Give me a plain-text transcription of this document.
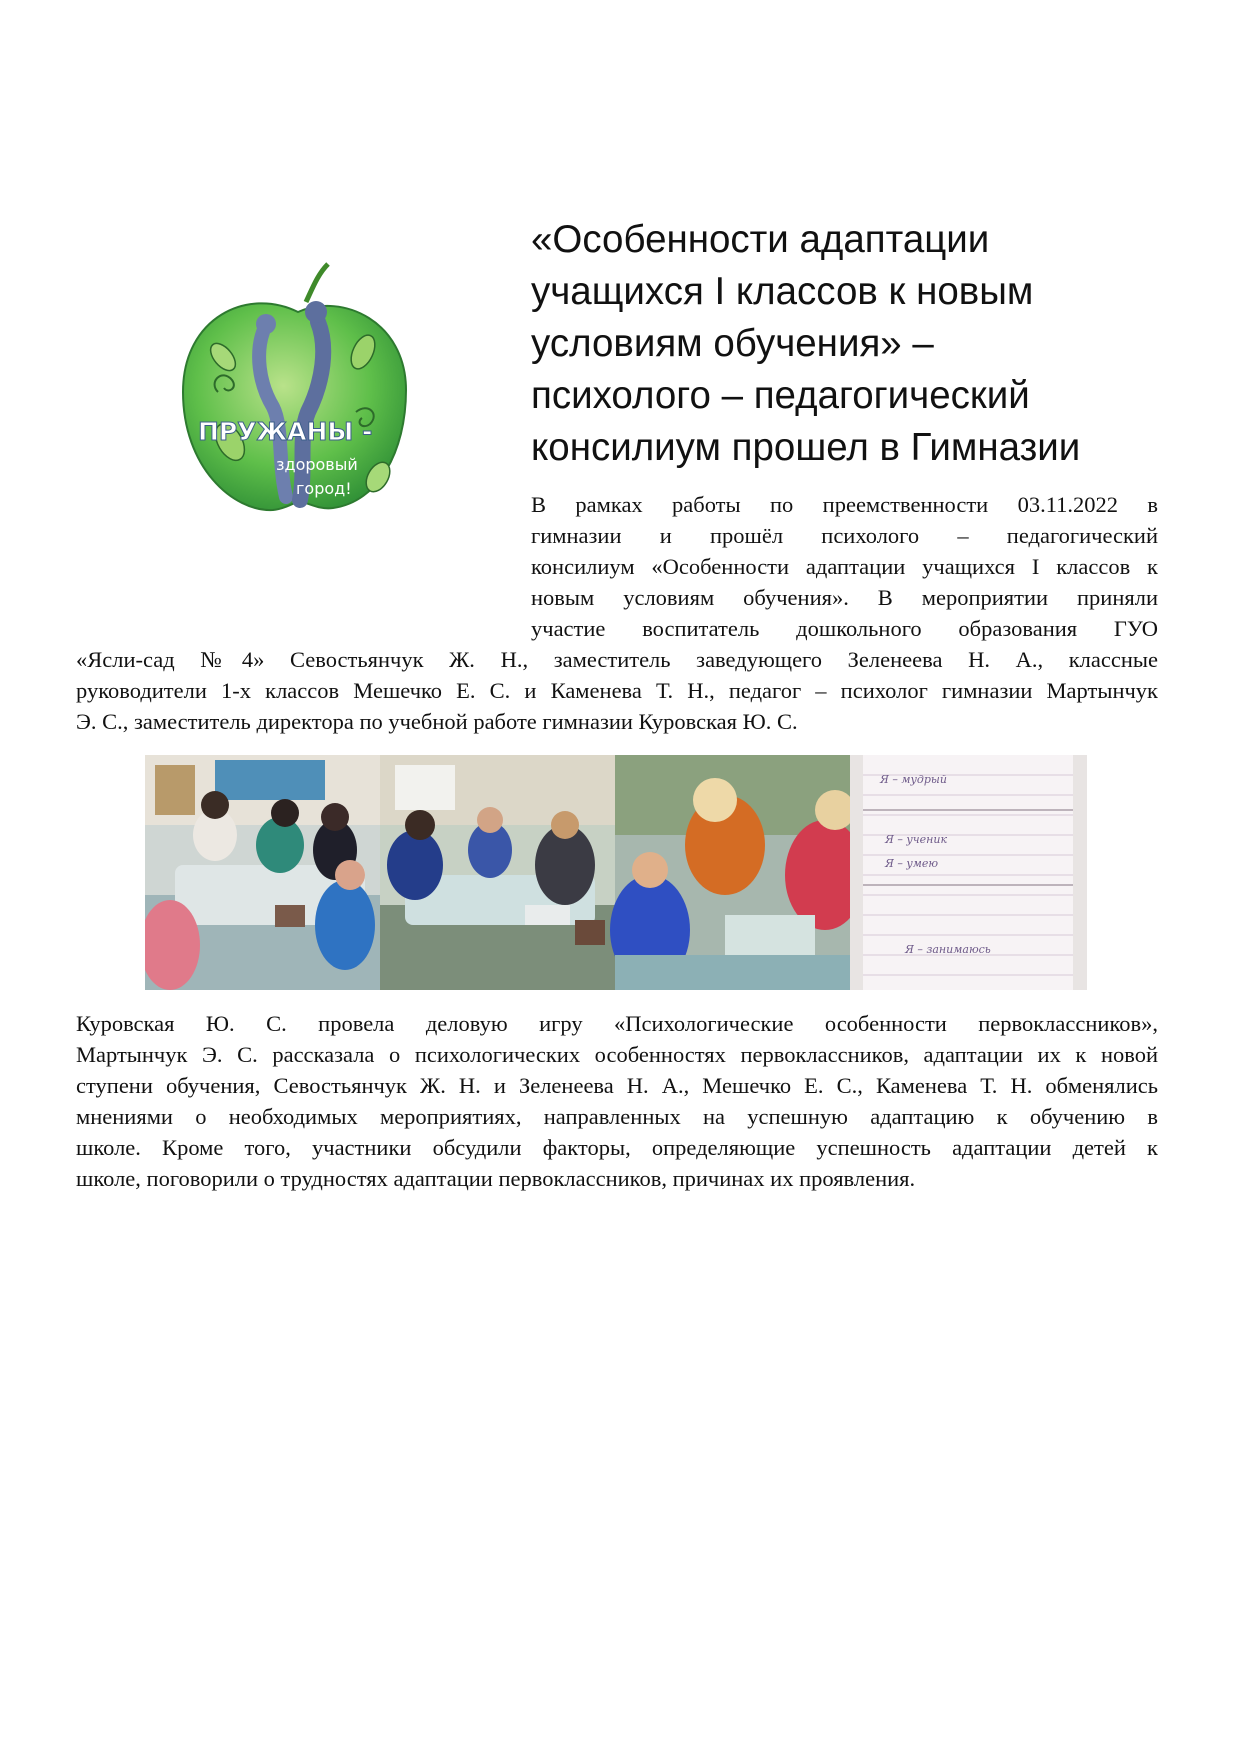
ПРУЖАНЫ -
здоровый
город!
«Особенности адаптации
учащихся I классов к новым
условиям обучения» –
психолого – педагогический
консилиум прошел в Гимназии
В рамках работы по преемственности 03.11.2022 в
гимназии и прошёл психолого – педагогический
консилиум «Особенности адаптации учащихся I классов к
новым условиям обучения». В мероприятии приняли
участие воспитатель дошкольного образования ГУО
«Ясли-сад №4» Севостьянчук Ж. Н., заместитель заведующего Зеленеева Н. А., классные
руководители 1-х классов Мешечко Е. С. и Каменева Т. Н., педагог – психолог гимназии Мартынчук
Э. С., заместитель директора по учебной работе гимназии Куровская Ю. С.
Я – мудрый
Я – ученик
Я – умею
Я – занимаюсь
Куровская Ю. С. провела деловую игру «Психологические особенности первоклассников»,
Мартынчук Э. С. рассказала о психологических особенностях первоклассников, адаптации их к новой
ступени обучения, Севостьянчук Ж. Н. и Зеленеева Н. А., Мешечко Е. С., Каменева Т. Н. обменялись
мнениями о необходимых мероприятиях, направленных на успешную адаптацию к обучению в
школе. Кроме того, участники обсудили факторы, определяющие успешность адаптации детей к
школе, поговорили о трудностях адаптации первоклассников, причинах их проявления.
